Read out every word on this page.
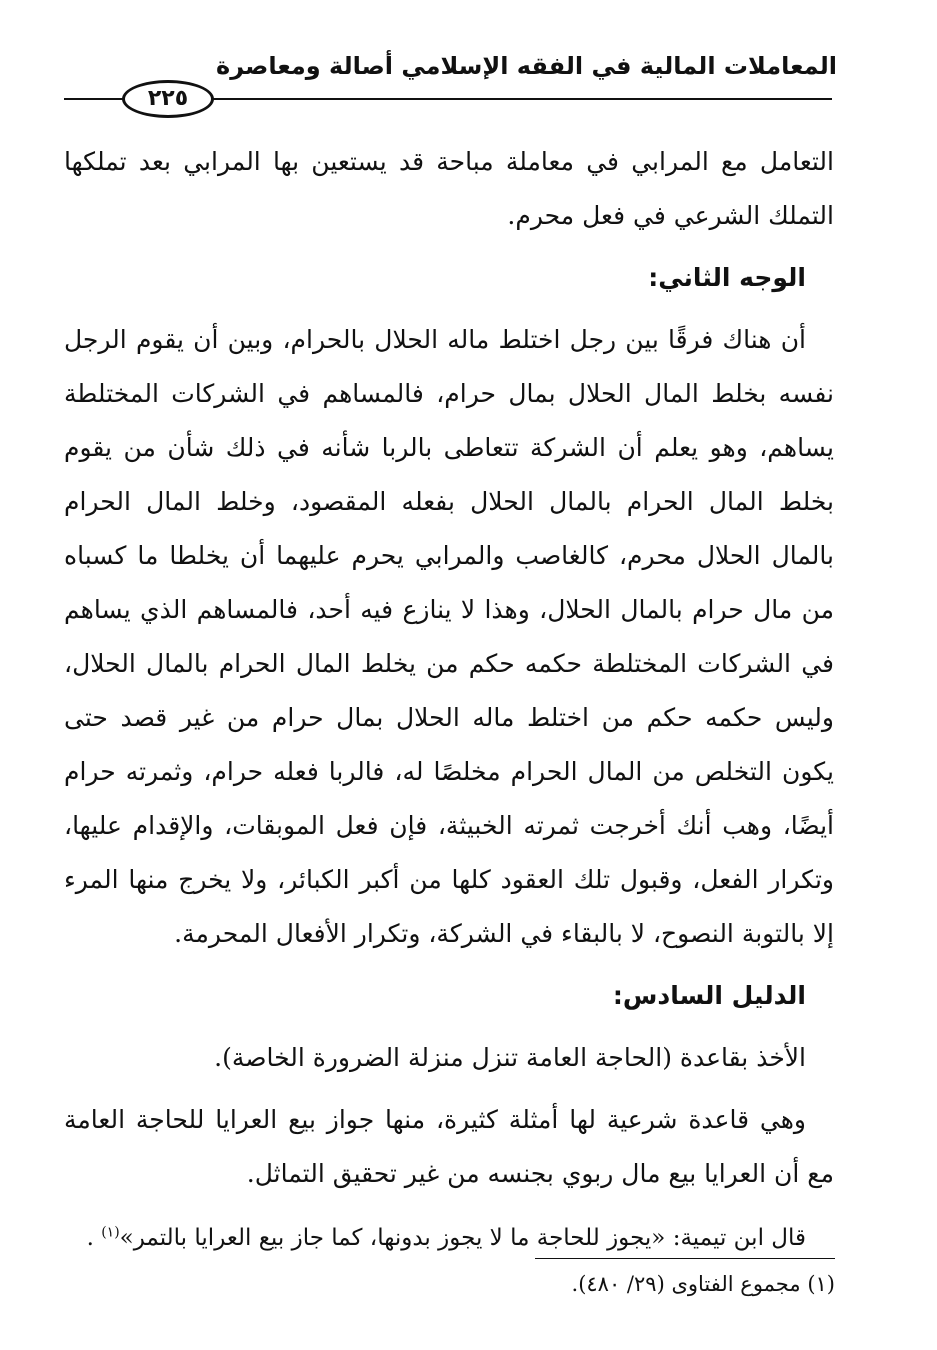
المعاملات المالية في الفقه الإسلامي أصالة ومعاصرة
٢٢٥

التعامل مع المرابي في معاملة مباحة قد يستعين بها المرابي بعد تملكها التملك الشرعي في فعل محرم.

الوجه الثاني:

أن هناك فرقًا بين رجل اختلط ماله الحلال بالحرام، وبين أن يقوم الرجل نفسه بخلط المال الحلال بمال حرام، فالمساهم في الشركات المختلطة يساهم، وهو يعلم أن الشركة تتعاطى بالربا شأنه في ذلك شأن من يقوم بخلط المال الحرام بالمال الحلال بفعله المقصود، وخلط المال الحرام بالمال الحلال محرم، كالغاصب والمرابي يحرم عليهما أن يخلطا ما كسباه من مال حرام بالمال الحلال، وهذا لا ينازع فيه أحد، فالمساهم الذي يساهم في الشركات المختلطة حكمه حكم من يخلط المال الحرام بالمال الحلال، وليس حكمه حكم من اختلط ماله الحلال بمال حرام من غير قصد حتى يكون التخلص من المال الحرام مخلصًا له، فالربا فعله حرام، وثمرته حرام أيضًا، وهب أنك أخرجت ثمرته الخبيثة، فإن فعل الموبقات، والإقدام عليها، وتكرار الفعل، وقبول تلك العقود كلها من أكبر الكبائر، ولا يخرج منها المرء إلا بالتوبة النصوح، لا بالبقاء في الشركة، وتكرار الأفعال المحرمة.

الدليل السادس:

الأخذ بقاعدة (الحاجة العامة تنزل منزلة الضرورة الخاصة).

وهي قاعدة شرعية لها أمثلة كثيرة، منها جواز بيع العرايا للحاجة العامة مع أن العرايا بيع مال ربوي بجنسه من غير تحقيق التماثل.

قال ابن تيمية: «يجوز للحاجة ما لا يجوز بدونها، كما جاز بيع العرايا بالتمر»$^{(١)}$ .

(١) مجموع الفتاوى (٢٩/ ٤٨٠).
